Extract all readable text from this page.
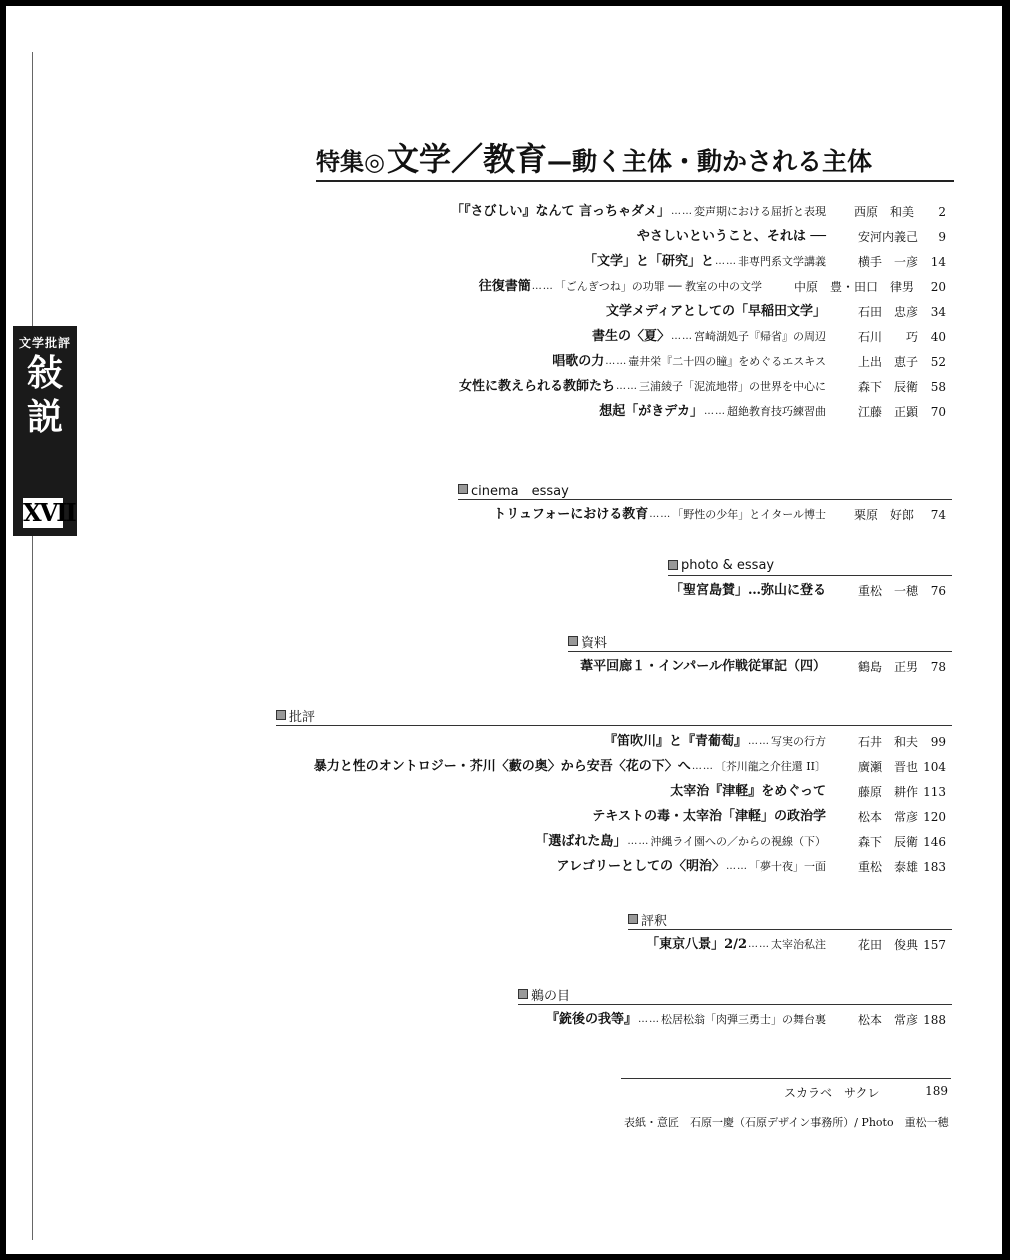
文学批評
敍
説
XVII
特集◎文学／教育—動く主体・動かされる主体
「『さびしい』なんて 言っちゃダメ」 …… 変声期における屈折と表現 西原　和美	2
やさしいということ、それは ──	安河内義己	9
「文学」と「研究」と …… 非専門系文学講義	横手　一彦	14
往復書簡 …… 「ごんぎつね」の功罪 ── 教室の中の文学	中原　豊・田口　律男	20
文学メディアとしての「早稲田文学」	石田　忠彦	34
書生の〈夏〉 …… 宮崎湖処子『帰省』の周辺	石川　　巧	40
唱歌の力 …… 壷井栄『二十四の瞳』をめぐるエスキス	上出　恵子	52
女性に教えられる教師たち …… 三浦綾子「泥流地帯」の世界を中心に	森下　辰衛	58
想起「がきデカ」 …… 超絶教育技巧練習曲	江藤　正顕	70
cinema　essay
トリュフォーにおける教育 …… 「野性の少年」とイタール博士 栗原　好郎	74
photo & essay
「聖宮島賛」…弥山に登る	重松　一穂	76
資料
葦平回廊１・インパール作戦従軍記（四）	鶴島　正男	78
批評
『笛吹川』と『青葡萄』 …… 写実の行方	石井　和夫	99
暴力と性のオントロジー・芥川〈藪の奥〉から安吾〈花の下〉へ …… 〔芥川龍之介往還 II〕	廣瀬　晋也 104
太宰治『津軽』をめぐって	藤原　耕作 113
テキストの毒・太宰治「津軽」の政治学	松本　常彦 120
「選ばれた島」 …… 沖縄ライ園への／からの視線（下）	森下　辰衛 146
アレゴリーとしての〈明治〉 …… 「夢十夜」一面	重松　泰雄 183
評釈
「東京八景」2/2 …… 太宰治私注	花田　俊典 157
鵜の目
『銃後の我等』 …… 松居松翁「肉弾三勇士」の舞台裏	松本　常彦 188
スカラベ　サクレ	189
表紙・意匠　石原一慶（石原デザイン事務所）/ Photo　重松一穂
